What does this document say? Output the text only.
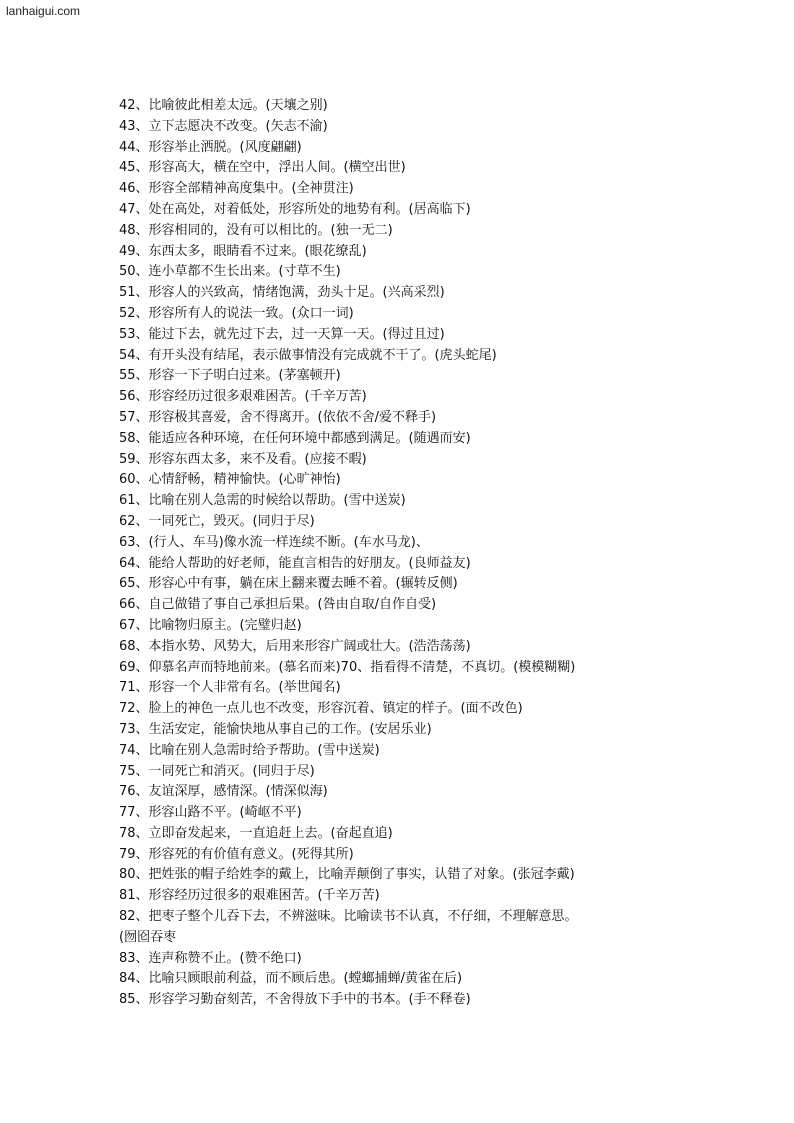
lanhaigui.com
42、比喻彼此相差太远。(天壤之别)
43、立下志愿决不改变。(矢志不渝)
44、形容举止洒脱。(风度翩翩)
45、形容高大，横在空中，浮出人间。(横空出世)
46、形容全部精神高度集中。(全神贯注)
47、处在高处，对着低处，形容所处的地势有利。(居高临下)
48、形容相同的，没有可以相比的。(独一无二)
49、东西太多，眼睛看不过来。(眼花缭乱)
50、连小草都不生长出来。(寸草不生)
51、形容人的兴致高，情绪饱满，劲头十足。(兴高采烈)
52、形容所有人的说法一致。(众口一词)
53、能过下去，就先过下去，过一天算一天。(得过且过)
54、有开头没有结尾，表示做事情没有完成就不干了。(虎头蛇尾)
55、形容一下子明白过来。(茅塞顿开)
56、形容经历过很多艰难困苦。(千辛万苦)
57、形容极其喜爱，舍不得离开。(依依不舍/爱不释手)
58、能适应各种环境，在任何环境中都感到满足。(随遇而安)
59、形容东西太多，来不及看。(应接不暇)
60、心情舒畅，精神愉快。(心旷神怡)
61、比喻在别人急需的时候给以帮助。(雪中送炭)
62、一同死亡，毁灭。(同归于尽)
63、(行人、车马)像水流一样连续不断。(车水马龙)、
64、能给人帮助的好老师，能直言相告的好朋友。(良师益友)
65、形容心中有事，躺在床上翻来覆去睡不着。(辗转反侧)
66、自己做错了事自己承担后果。(咎由自取/自作自受)
67、比喻物归原主。(完璧归赵)
68、本指水势、风势大，后用来形容广阔或壮大。(浩浩荡荡)
69、仰慕名声而特地前来。(慕名而来)70、指看得不清楚，不真切。(模模糊糊)
71、形容一个人非常有名。(举世闻名)
72、脸上的神色一点儿也不改变，形容沉着、镇定的样子。(面不改色)
73、生活安定，能愉快地从事自己的工作。(安居乐业)
74、比喻在别人急需时给予帮助。(雪中送炭)
75、一同死亡和消灭。(同归于尽)
76、友谊深厚，感情深。(情深似海)
77、形容山路不平。(崎岖不平)
78、立即奋发起来，一直追赶上去。(奋起直追)
79、形容死的有价值有意义。(死得其所)
80、把姓张的帽子给姓李的戴上，比喻弄颠倒了事实，认错了对象。(张冠李戴)
81、形容经历过很多的艰难困苦。(千辛万苦)
82、把枣子整个儿吞下去，不辨滋味。比喻读书不认真，不仔细，不理解意思。
(囫囵吞枣
83、连声称赞不止。(赞不绝口)
84、比喻只顾眼前利益，而不顾后患。(螳螂捕蝉/黄雀在后)
85、形容学习勤奋刻苦，不舍得放下手中的书本。(手不释卷)
